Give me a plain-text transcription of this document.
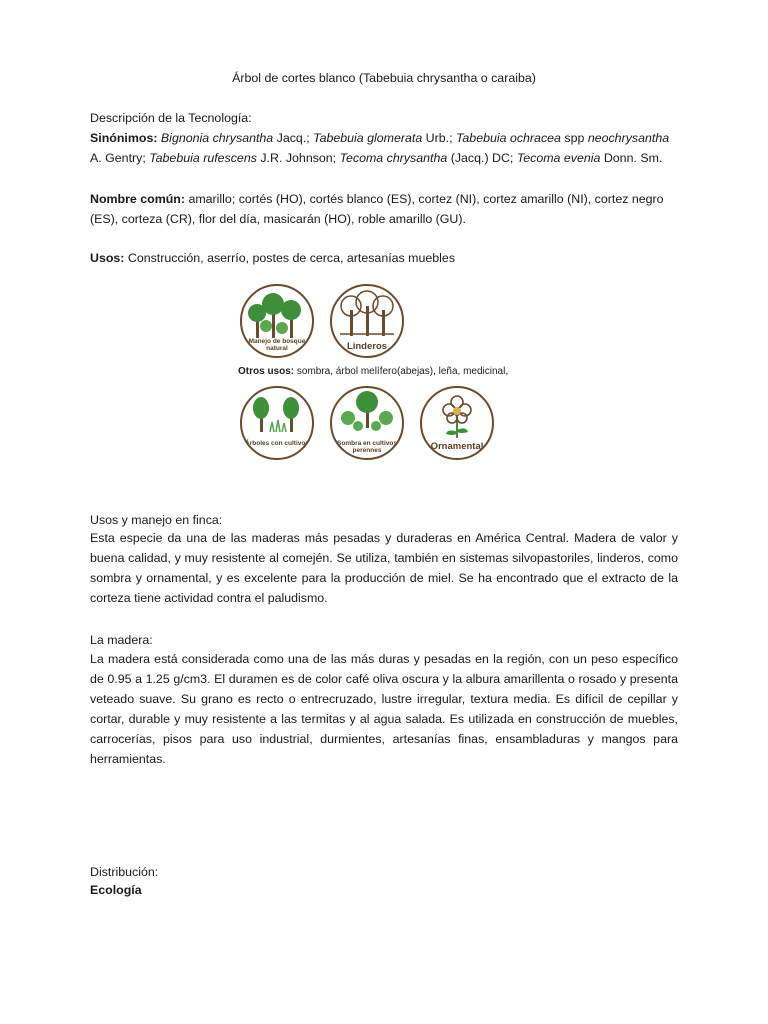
Árbol de cortes blanco (Tabebuia chrysantha o caraiba)
Descripción de la Tecnología:

Sinónimos: Bignonia chrysantha Jacq.; Tabebuia glomerata Urb.; Tabebuia ochracea spp neochrysantha A. Gentry; Tabebuia rufescens J.R. Johnson; Tecoma chrysantha (Jacq.) DC; Tecoma evenia Donn. Sm.

Nombre común: amarillo; cortés (HO), cortés blanco (ES), cortez (NI), cortez amarillo (NI), cortez negro (ES), corteza (CR), flor del día, masicarán (HO), roble amarillo (GU).

Usos: Construcción, aserrío, postes de cerca, artesanías muebles

Manejo de bosque natural	Linderos
Otros usos: sombra, árbol melífero(abejas), leña, medicinal,
Árboles con cultivos	Sombra en cultivos perennes	Ornamental
Usos y manejo en finca:

Esta especie da una de las maderas más pesadas y duraderas en América Central. Madera de valor y buena calidad, y muy resistente al comején. Se utiliza, también en sistemas silvopastoriles, linderos, como sombra y ornamental, y es excelente para la producción de miel. Se ha encontrado que el extracto de la corteza tiene actividad contra el paludismo.

La madera:

La madera está considerada como una de las más duras y pesadas en la región, con un peso específico de 0.95 a 1.25 g/cm3. El duramen es de color café oliva oscura y la albura amarillenta o rosado y presenta veteado suave. Su grano es recto o entrecruzado, lustre irregular, textura media. Es difícil de cepillar y cortar, durable y muy resistente a las termitas y al agua salada. Es utilizada en construcción de muebles, carrocerías, pisos para uso industrial, durmientes, artesanías finas, ensambladuras y mangos para herramientas.

Distribución:
Ecología
